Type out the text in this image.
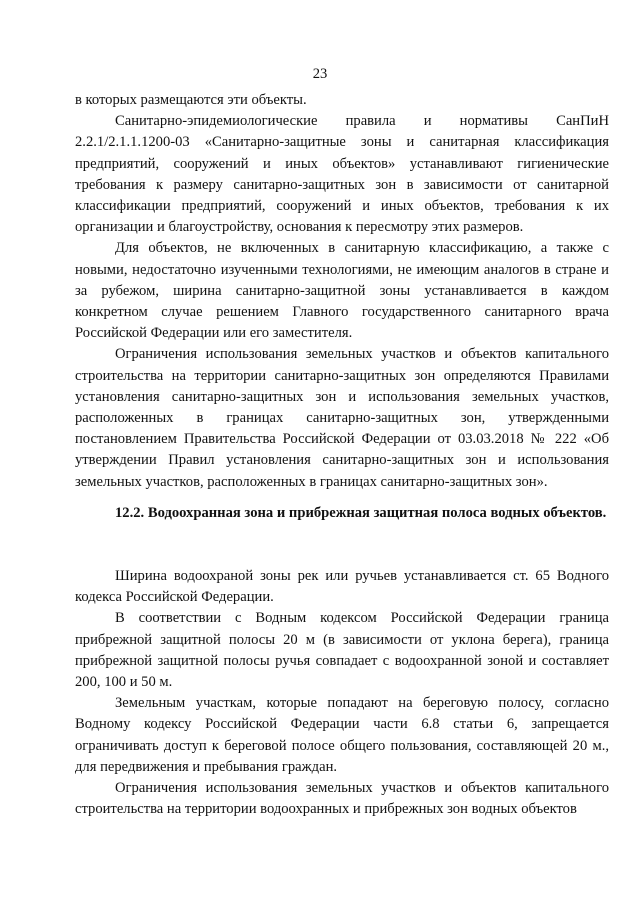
23

в которых размещаются эти объекты.

Санитарно-эпидемиологические правила и нормативы СанПиН 2.2.1/2.1.1.1200-03 «Санитарно-защитные зоны и санитарная классификация предприятий, сооружений и иных объектов» устанавливают гигиенические требования к размеру санитарно-защитных зон в зависимости от санитарной классификации предприятий, сооружений и иных объектов, требования к их организации и благоустройству, основания к пересмотру этих размеров.

Для объектов, не включенных в санитарную классификацию, а также с новыми, недостаточно изученными технологиями, не имеющим аналогов в стране и за рубежом, ширина санитарно-защитной зоны устанавливается в каждом конкретном случае решением Главного государственного санитарного врача Российской Федерации или его заместителя.

Ограничения использования земельных участков и объектов капитального строительства на территории санитарно-защитных зон определяются Правилами установления санитарно-защитных зон и использования земельных участков, расположенных в границах санитарно-защитных зон, утвержденными постановлением Правительства Российской Федерации от 03.03.2018 № 222 «Об утверждении Правил установления санитарно-защитных зон и использования земельных участков, расположенных в границах санитарно-защитных зон».

12.2. Водоохранная зона и прибрежная защитная полоса водных объектов.

Ширина водоохраной зоны рек или ручьев устанавливается ст. 65 Водного кодекса Российской Федерации.

В соответствии с Водным кодексом Российской Федерации граница прибрежной защитной полосы 20 м (в зависимости от уклона берега), граница прибрежной защитной полосы ручья совпадает с водоохранной зоной и составляет 200, 100 и 50 м.

Земельным участкам, которые попадают на береговую полосу, согласно Водному кодексу Российской Федерации части 6.8 статьи 6, запрещается ограничивать доступ к береговой полосе общего пользования, составляющей 20 м., для передвижения и пребывания граждан.

Ограничения использования земельных участков и объектов капитального строительства на территории водоохранных и прибрежных зон водных объектов
